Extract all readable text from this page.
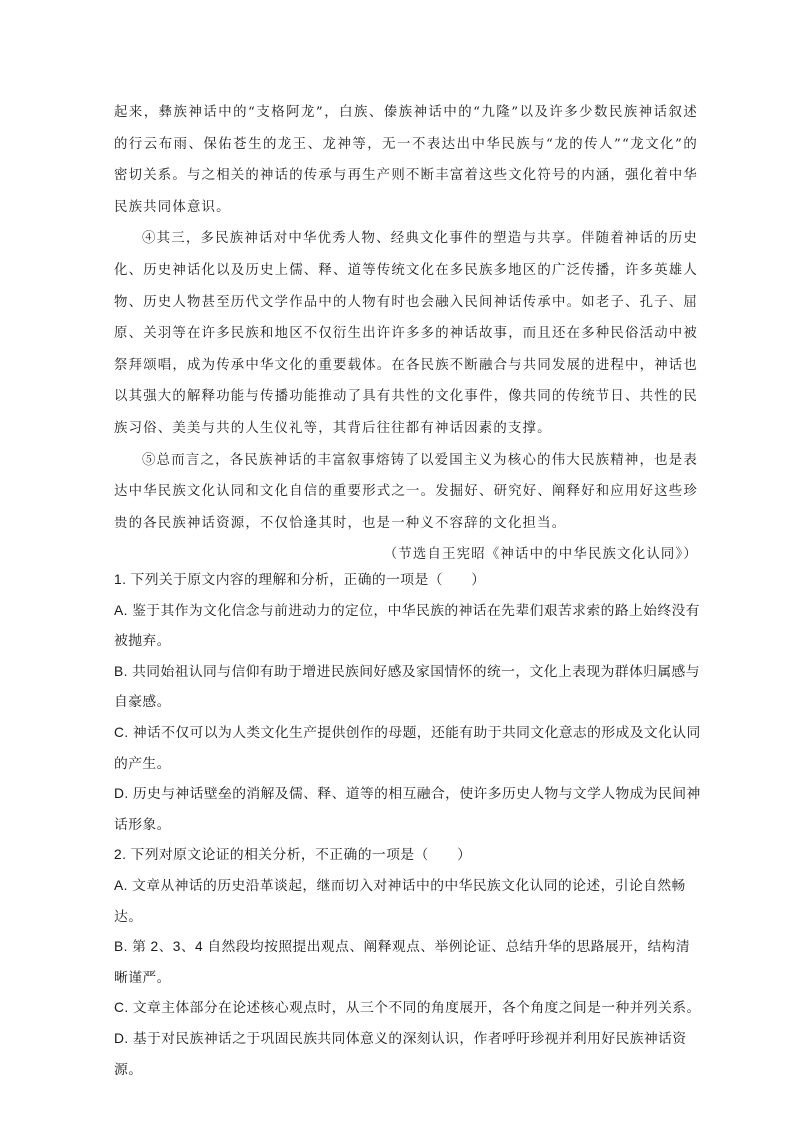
起来，彝族神话中的“支格阿龙”，白族、傣族神话中的“九隆”以及许多少数民族神话叙述的行云布雨、保佑苍生的龙王、龙神等，无一不表达出中华民族与“龙的传人”“龙文化”的密切关系。与之相关的神话的传承与再生产则不断丰富着这些文化符号的内涵，强化着中华民族共同体意识。

④其三，多民族神话对中华优秀人物、经典文化事件的塑造与共享。伴随着神话的历史化、历史神话化以及历史上儒、释、道等传统文化在多民族多地区的广泛传播，许多英雄人物、历史人物甚至历代文学作品中的人物有时也会融入民间神话传承中。如老子、孔子、屈原、关羽等在许多民族和地区不仅衍生出许许多多的神话故事，而且还在多种民俗活动中被祭拜颂唱，成为传承中华文化的重要载体。在各民族不断融合与共同发展的进程中，神话也以其强大的解释功能与传播功能推动了具有共性的文化事件，像共同的传统节日、共性的民族习俗、美美与共的人生仪礼等，其背后往往都有神话因素的支撑。

⑤总而言之，各民族神话的丰富叙事熔铸了以爱国主义为核心的伟大民族精神，也是表达中华民族文化认同和文化自信的重要形式之一。发掘好、研究好、阐释好和应用好这些珍贵的各民族神话资源，不仅恰逢其时，也是一种义不容辞的文化担当。

（节选自王宪昭《神话中的中华民族文化认同》）

1. 下列关于原文内容的理解和分析，正确的一项是（　　）

A. 鉴于其作为文化信念与前进动力的定位，中华民族的神话在先辈们艰苦求索的路上始终没有被抛弃。

B. 共同始祖认同与信仰有助于增进民族间好感及家国情怀的统一，文化上表现为群体归属感与自豪感。

C. 神话不仅可以为人类文化生产提供创作的母题，还能有助于共同文化意志的形成及文化认同的产生。

D. 历史与神话壁垒的消解及儒、释、道等的相互融合，使许多历史人物与文学人物成为民间神话形象。

2. 下列对原文论证的相关分析，不正确的一项是（　　）

A. 文章从神话的历史沿革谈起，继而切入对神话中的中华民族文化认同的论述，引论自然畅达。

B. 第 2、3、4 自然段均按照提出观点、阐释观点、举例论证、总结升华的思路展开，结构清晰谨严。

C. 文章主体部分在论述核心观点时，从三个不同的角度展开，各个角度之间是一种并列关系。

D. 基于对民族神话之于巩固民族共同体意义的深刻认识，作者呼吁珍视并利用好民族神话资源。
